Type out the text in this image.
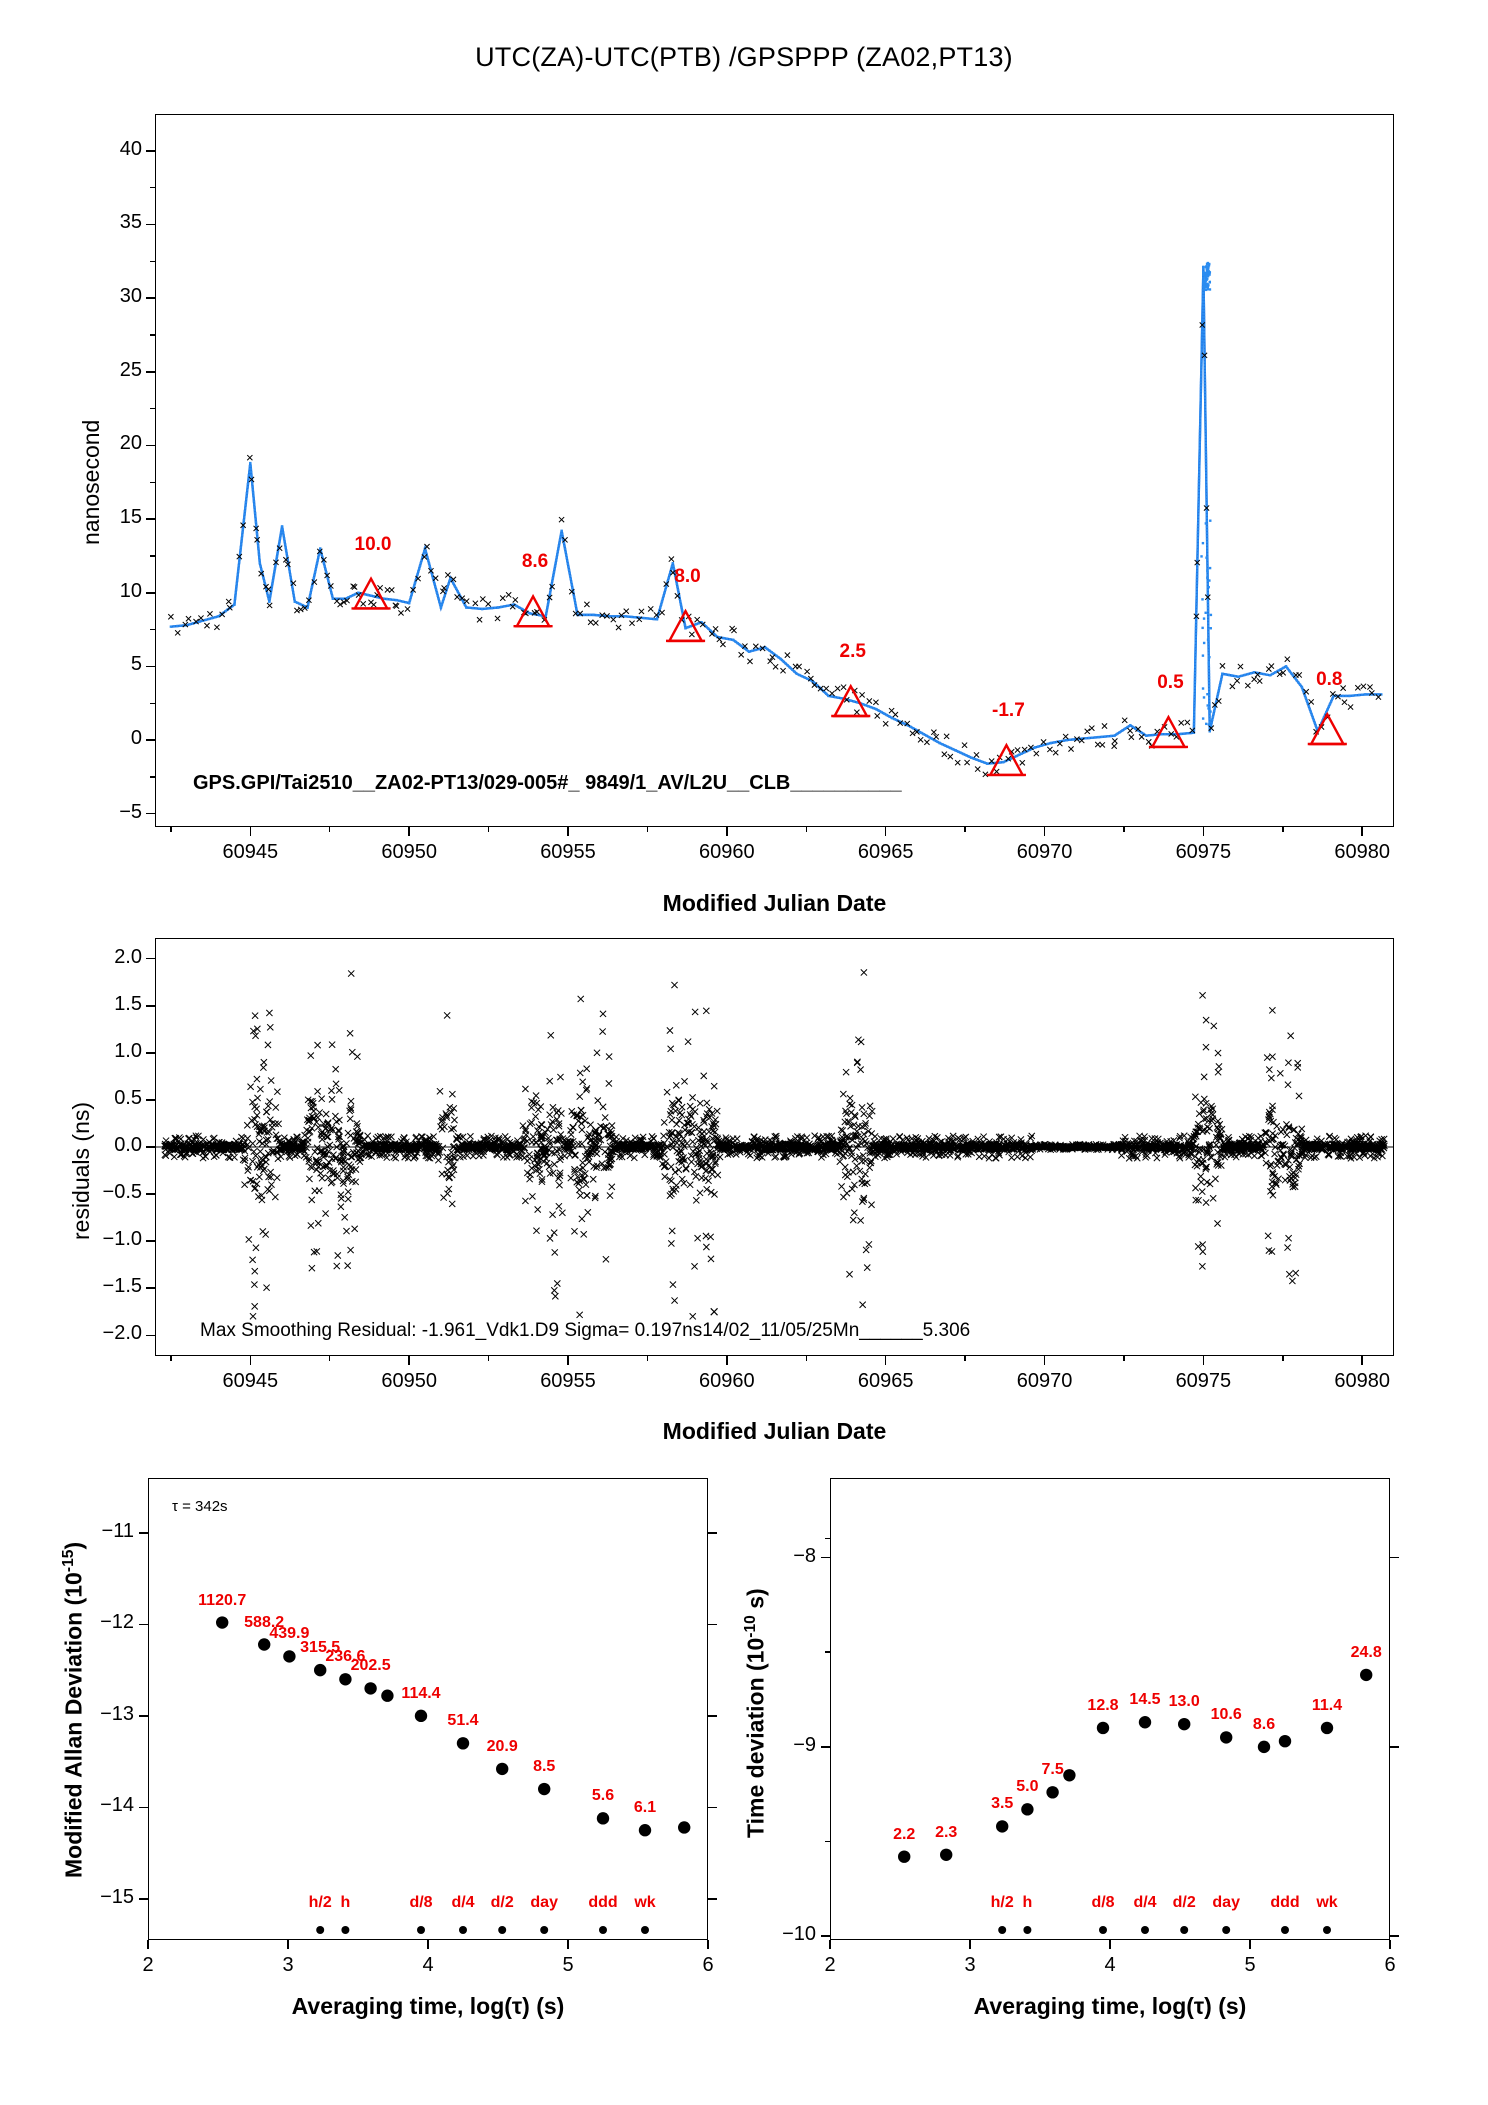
UTC(ZA)-UTC(PTB) /GPSPPP (ZA02,PT13)
−5
0
5
10
15
20
25
30
35
40
60945	60950	60955	60960	60965	60970	60975	60980
nanosecond
Modified Julian Date
GPS.GPI/Tai2510__ZA02-PT13/029-005#_ 9849/1_AV/L2U__CLB__________
−2.0
−1.5
−1.0
−0.5
0.0
0.5
1.0
1.5
2.0
60945	60950	60955	60960	60965	60970	60975	60980
residuals (ns)
Modified Julian Date
Max Smoothing Residual: -1.961_Vdk1.D9 Sigma= 0.197ns14/02_11/05/25Mn______5.306
−15
−14
−13
−12
−11
2	3	4	5	6
Modified Allan Deviation $(10^{-15})$
Averaging time, log(τ) (s)
τ = 342s
1120.7
588.2
439.9
315.5
236.6
202.5
114.4
51.4
20.9
8.5
5.6
6.1
h/2 h	d/8	d/4	d/2	day	ddd	wk
−10
−9
−8
2	3	4	5	6
Time deviation ($10^{-10}$ s)
Averaging time, log(τ) (s)
2.2	2.3
3.5
5.0
7.5
12.8 14.5 13.0
10.6
8.6
11.4
24.8
h/2 h	d/8	d/4	d/2	day	ddd	wk
10.0
8.6
8.0
2.5
-1.7
0.5	0.8
